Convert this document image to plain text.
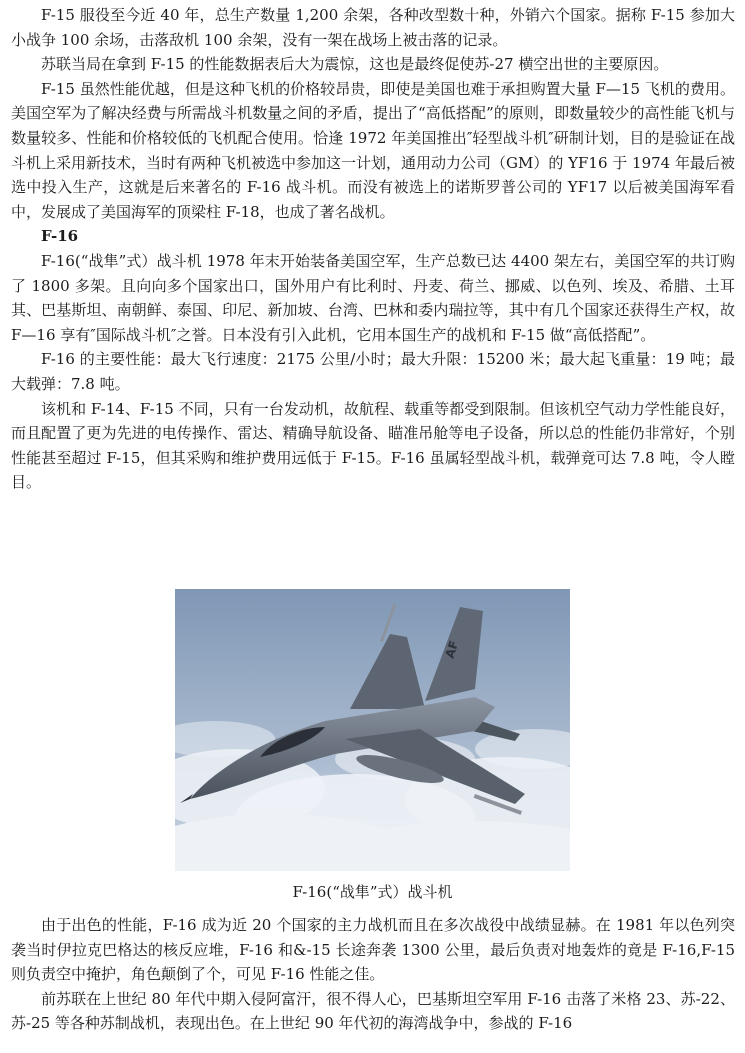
F-15 服役至今近 40 年，总生产数量 1,200 余架，各种改型数十种，外销六个国家。据称 F-15 参加大小战争 100 余场，击落敌机 100 余架，没有一架在战场上被击落的记录。

苏联当局在拿到 F-15 的性能数据表后大为震惊，这也是最终促使苏-27 横空出世的主要原因。

F-15 虽然性能优越，但是这种飞机的价格较昂贵，即使是美国也难于承担购置大量 F—15 飞机的费用。美国空军为了解决经费与所需战斗机数量之间的矛盾，提出了“高低搭配”的原则，即数量较少的高性能飞机与数量较多、性能和价格较低的飞机配合使用。恰逢 1972 年美国推出″轻型战斗机″研制计划，目的是验证在战斗机上采用新技术，当时有两种飞机被选中参加这一计划，通用动力公司（GM）的 YF16 于 1974 年最后被选中投入生产，这就是后来著名的 F-16 战斗机。而没有被选上的诺斯罗普公司的 YF17 以后被美国海军看中，发展成了美国海军的顶梁柱 F-18，也成了著名战机。

F-16

F-16(“战隼”式）战斗机 1978 年末开始装备美国空军，生产总数已达 4400 架左右，美国空军的共订购了 1800 多架。且向向多个国家出口，国外用户有比利时、丹麦、荷兰、挪威、以色列、埃及、希腊、土耳其、巴基斯坦、南朝鲜、泰国、印尼、新加坡、台湾、巴林和委内瑞拉等，其中有几个国家还获得生产权，故 F—16 享有″国际战斗机″之誉。日本没有引入此机，它用本国生产的战机和 F-15 做“高低搭配”。

F-16 的主要性能：最大飞行速度：2175 公里/小时；最大升限：15200 米；最大起飞重量：19 吨；最大载弹：7.8 吨。

该机和 F-14、F-15 不同，只有一台发动机，故航程、载重等都受到限制。但该机空气动力学性能良好，而且配置了更为先进的电传操作、雷达、精确导航设备、瞄准吊舱等电子设备，所以总的性能仍非常好，个别性能甚至超过 F-15，但其采购和维护费用远低于 F-15。F-16 虽属轻型战斗机，载弹竟可达 7.8 吨，令人瞠目。

AF
F-16(“战隼”式）战斗机

由于出色的性能，F-16 成为近 20 个国家的主力战机而且在多次战役中战绩显赫。在 1981 年以色列突袭当时伊拉克巴格达的核反应堆，F-16 和&-15 长途奔袭 1300 公里，最后负责对地轰炸的竟是 F-16,F-15 则负责空中掩护，角色颠倒了个，可见 F-16 性能之佳。

前苏联在上世纪 80 年代中期入侵阿富汗，很不得人心，巴基斯坦空军用 F-16 击落了米格 23、苏-22、苏-25 等各种苏制战机，表现出色。在上世纪 90 年代初的海湾战争中，参战的 F-16
